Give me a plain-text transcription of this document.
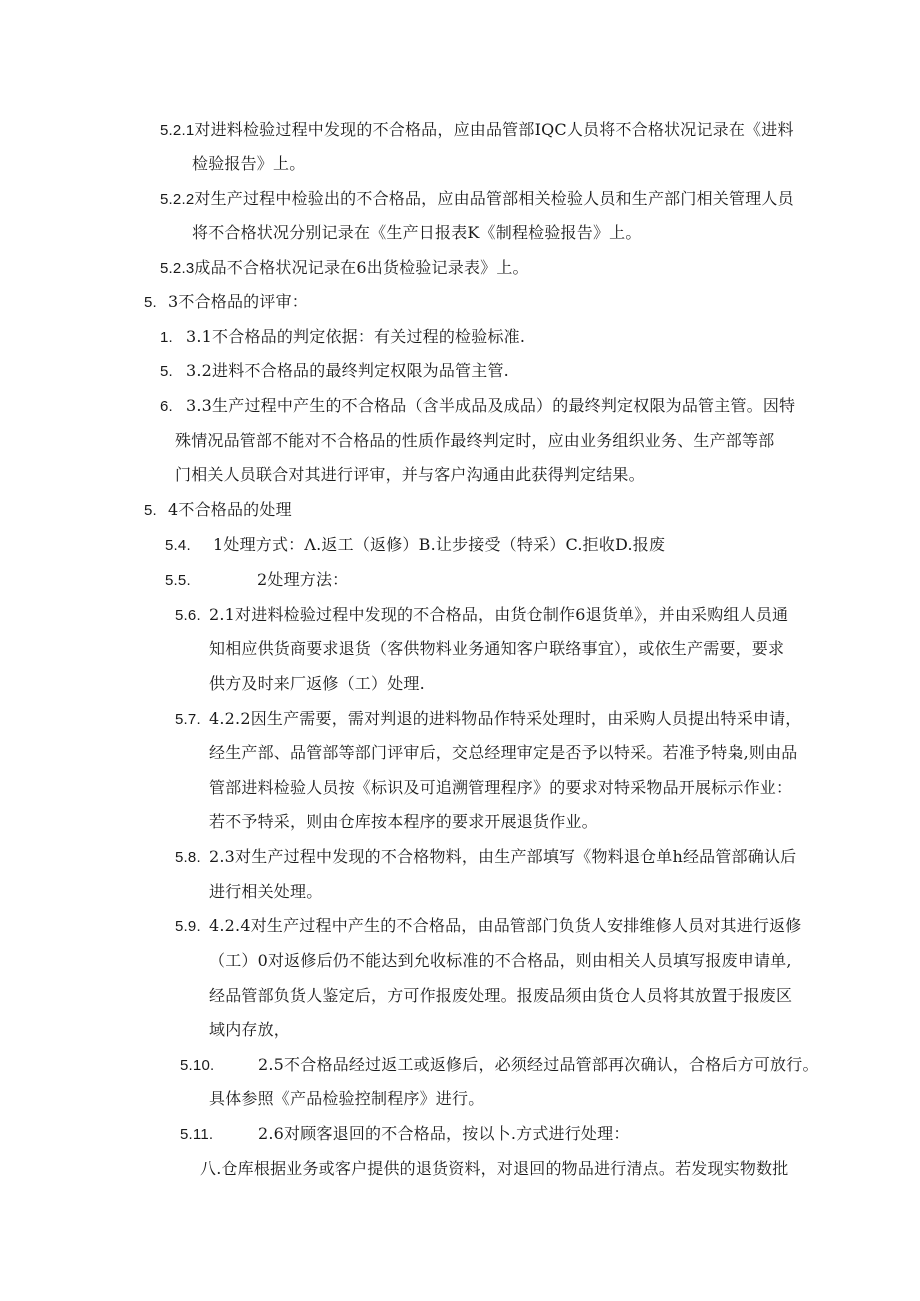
5.2.1对进料检验过程中发现的不合格品，应由品管部IQC人员将不合格状况记录在《进料
检验报告》上。
5.2.2对生产过程中检验出的不合格品，应由品管部相关检验人员和生产部门相关管理人员
将不合格状况分别记录在《生产日报表K《制程检验报告》上。
5.2.3成品不合格状况记录在6出货检验记录表》上。
5. 3不合格品的评审：
1. 3.1不合格品的判定依据：有关过程的检验标准.
5. 3.2进料不合格品的最终判定权限为品管主管.
6. 3.3生产过程中产生的不合格品（含半成品及成品）的最终判定权限为品管主管。因特
殊情况品管部不能对不合格品的性质作最终判定时，应由业务组织业务、生产部等部
门相关人员联合对其进行评审，并与客户沟通由此获得判定结果。
5. 4不合格品的处理
5.4. 1处理方式：Λ.返工（返修）B.让步接受（特采）C.拒收D.报废
5.5.	2处理方法：
5.6. 2.1对进料检验过程中发现的不合格品，由货仓制作6退货单》，并由采购组人员通
知相应供货商要求退货（客供物料业务通知客户联络事宜），或依生产需要，要求
供方及时来厂返修（工）处理.
5.7. 4.2.2因生产需要，需对判退的进料物品作特采处理时，由采购人员提出特采申请，
经生产部、品管部等部门评审后，交总经理审定是否予以特采。若准予特枭,则由品
管部进料检验人员按《标识及可追溯管理程序》的要求对特采物品开展标示作业：
若不予特采，则由仓库按本程序的要求开展退货作业。
5.8. 2.3对生产过程中发现的不合格物料，由生产部填写《物料退仓单h经品管部确认后
进行相关处理。
5.9. 4.2.4对生产过程中产生的不合格品，由品管部门负货人安排维修人员对其进行返修
（工）0对返修后仍不能达到允收标准的不合格品，则由相关人员填写报废申请单,
经品管部负货人鉴定后，方可作报废处理。报废品须由货仓人员将其放置于报废区
域内存放，
5.10.	2.5不合格品经过返工或返修后，必须经过品管部再次确认，合格后方可放行。
具体参照《产品检验控制程序》进行。
5.11.	2.6对顾客退回的不合格品，按以卜.方式进行处理：
八.仓库根据业务或客户提供的退货资料，对退回的物品进行清点。若发现实物数批
